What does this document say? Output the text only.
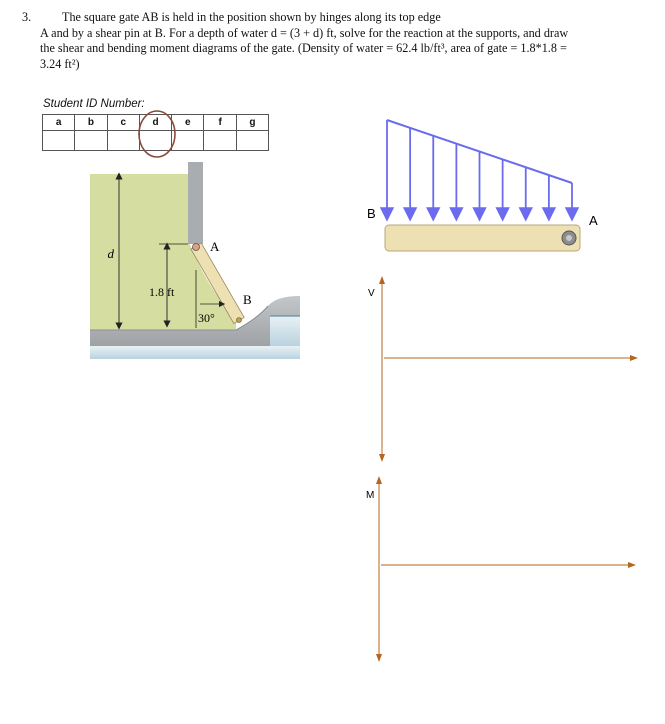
3.	The square gate AB is held in the position shown by hinges along its top edge
A and by a shear pin at B. For a depth of water d = (3 + d) ft, solve for the reaction at the supports, and draw
the shear and bending moment diagrams of the gate. (Density of water = 62.4 lb/ft³, area of gate = 1.8*1.8 =
3.24 ft²)
Student ID Number:
a	b	c	d	e	f	g

d
1.8 ft
30°
A
B
B	A
V
M
